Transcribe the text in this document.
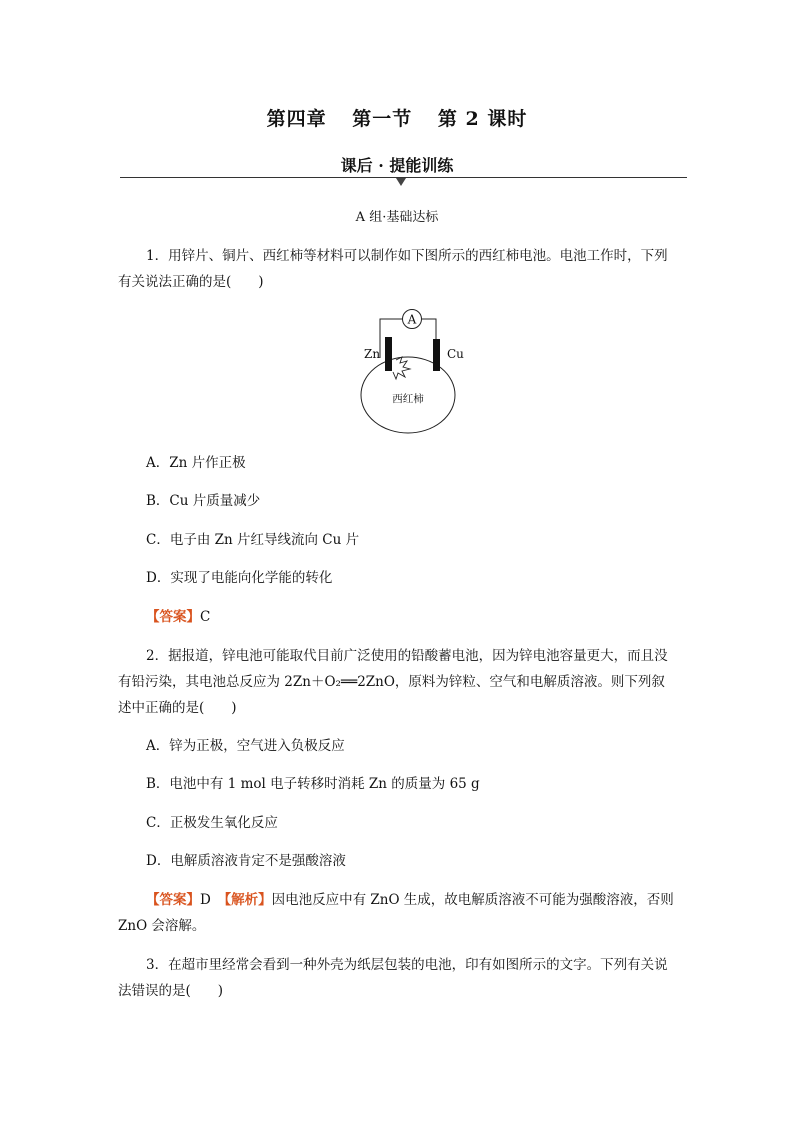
第四章 第一节 第 2 课时
课后 · 提能训练
A 组·基础达标

1．用锌片、铜片、西红柿等材料可以制作如下图所示的西红柿电池。电池工作时，下列有关说法正确的是(　　)

A
Zn	Cu
西红柿
A．Zn 片作正极
B．Cu 片质量减少
C．电子由 Zn 片红导线流向 Cu 片
D．实现了电能向化学能的转化
【答案】C

2．据报道，锌电池可能取代目前广泛使用的铅酸蓄电池，因为锌电池容量更大，而且没有铅污染，其电池总反应为 2Zn＋O₂══2ZnO，原料为锌粒、空气和电解质溶液。则下列叙述中正确的是(　　)

A．锌为正极，空气进入负极反应
B．电池中有 1 mol 电子转移时消耗 Zn 的质量为 65 g
C．正极发生氧化反应
D．电解质溶液肯定不是强酸溶液

【答案】D　 【解析】因电池反应中有 ZnO 生成，故电解质溶液不可能为强酸溶液，否则 ZnO 会溶解。

3．在超市里经常会看到一种外壳为纸层包装的电池，印有如图所示的文字。下列有关说法错误的是(　　)
